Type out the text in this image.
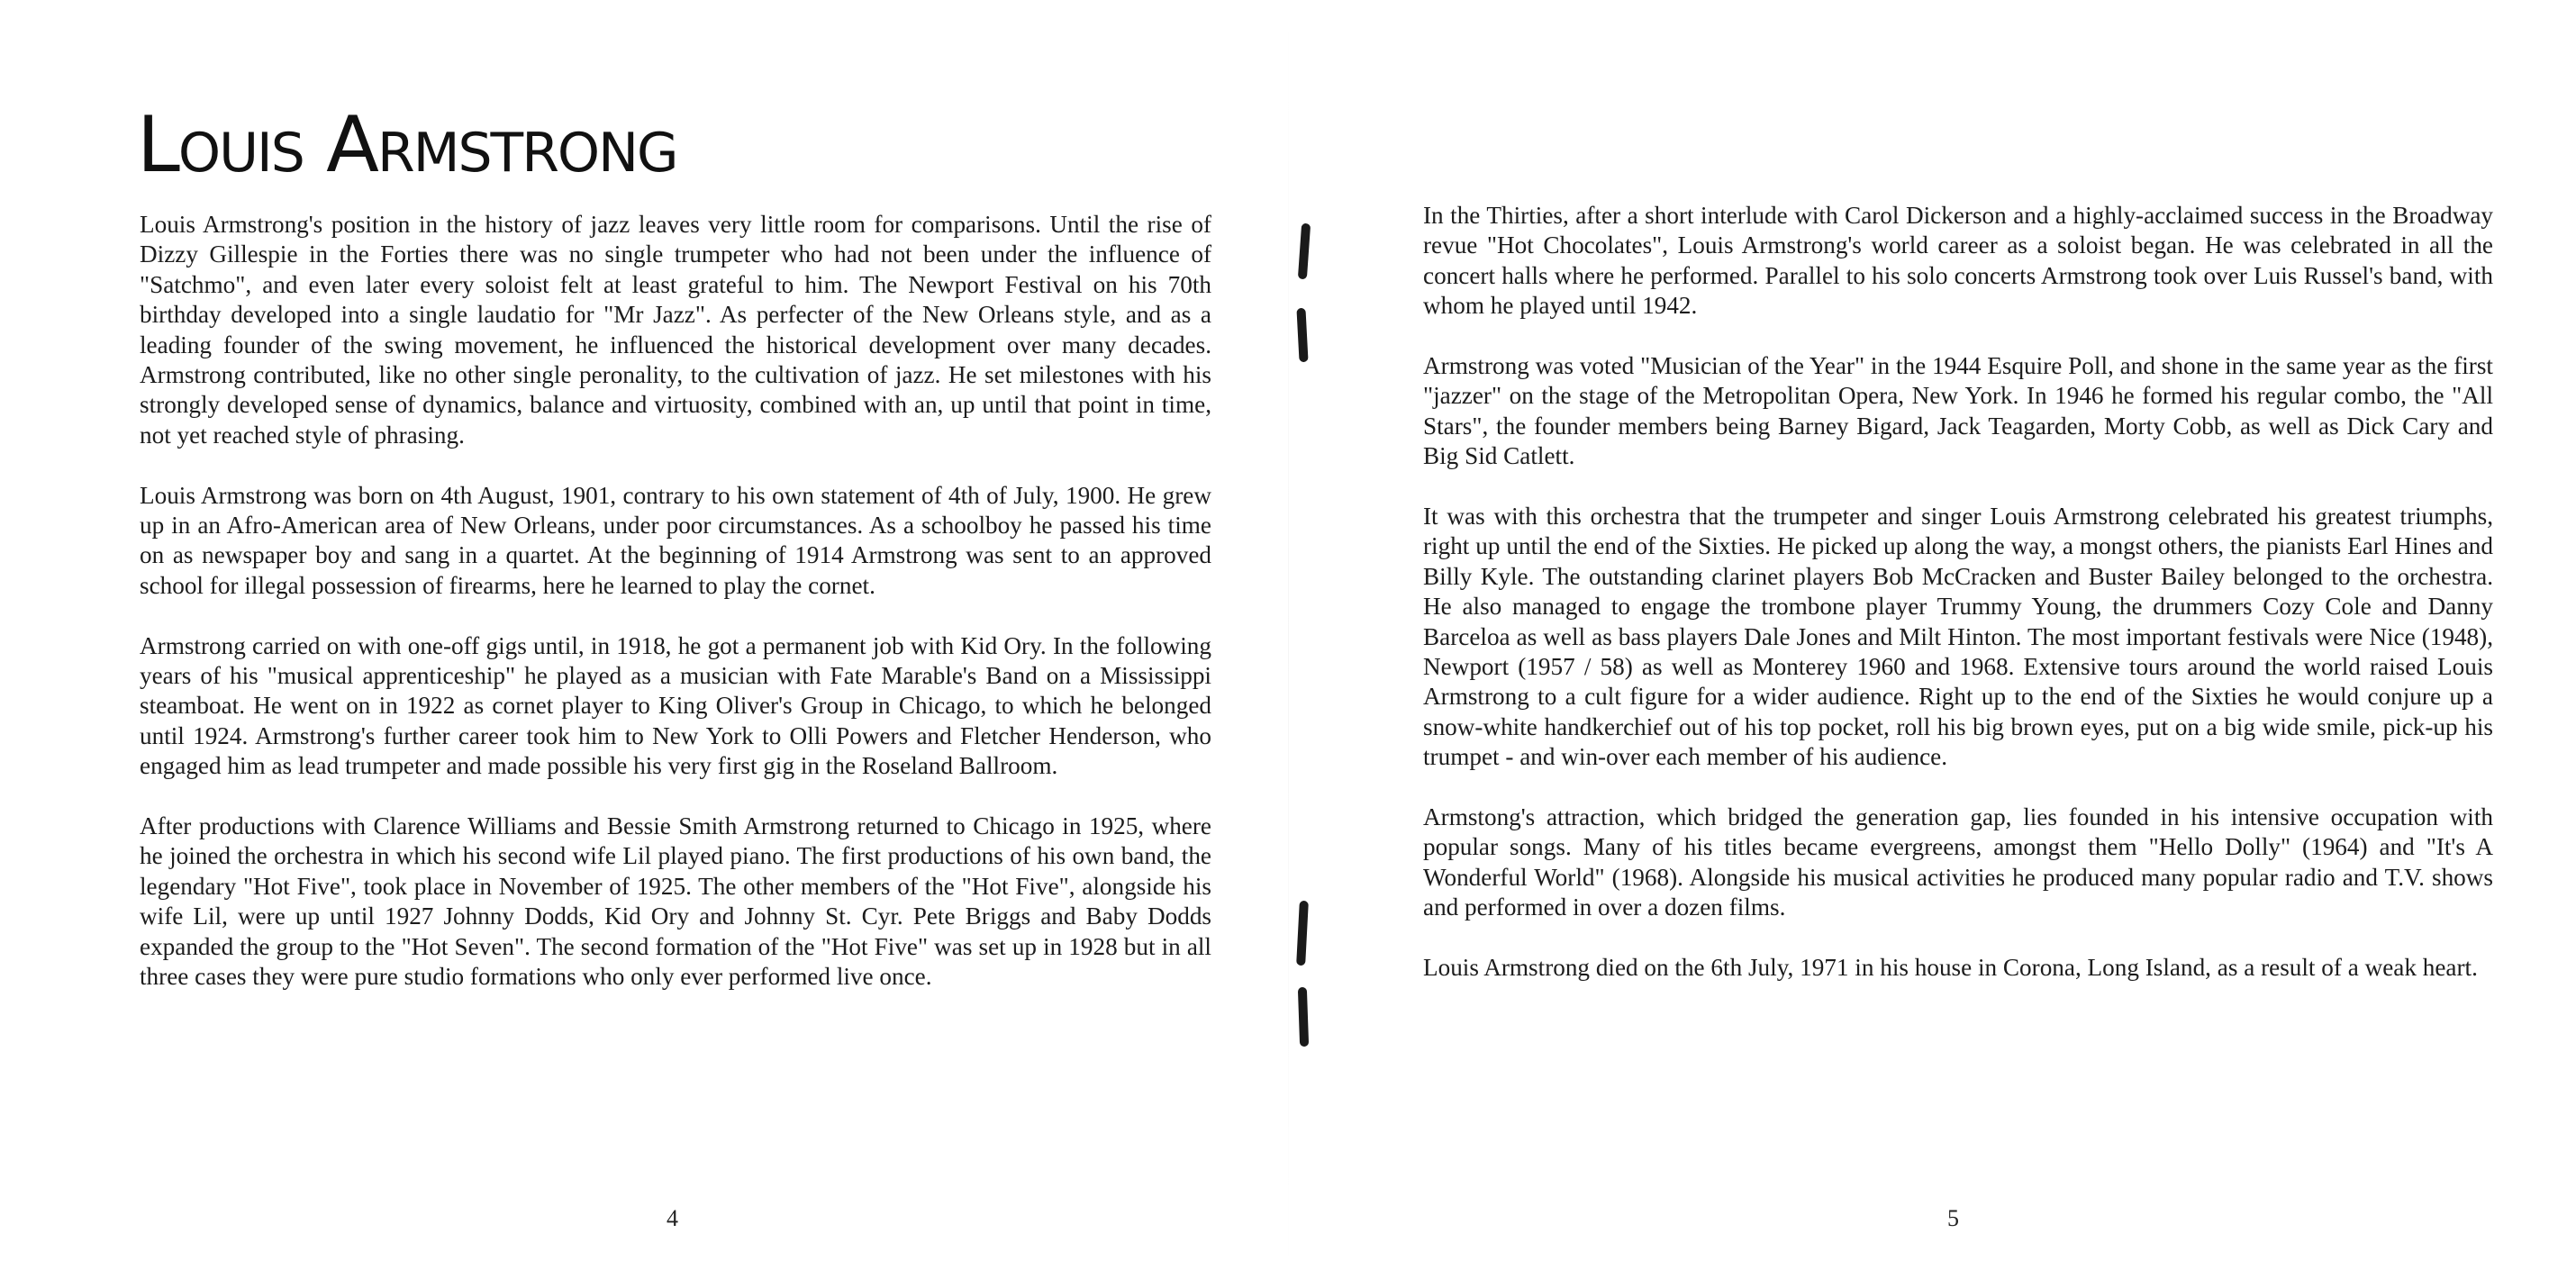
Louis Armstrong

Louis Armstrong's position in the history of jazz leaves very little room for comparisons. Until the rise of Dizzy Gillespie in the Forties there was no single trumpeter who had not been under the influence of "Satchmo", and even later every soloist felt at least grateful to him. The Newport Festival on his 70th birthday developed into a single laudatio for "Mr Jazz". As perfecter of the New Orleans style, and as a leading founder of the swing movement, he influenced the historical development over many decades. Armstrong contributed, like no other single peronality, to the cultivation of jazz. He set milestones with his strongly developed sense of dynamics, balance and virtuosity, combined with an, up until that point in time, not yet reached style of phrasing.

Louis Armstrong was born on 4th August, 1901, contrary to his own statement of 4th of July, 1900. He grew up in an Afro-American area of New Orleans, under poor circumstances. As a schoolboy he passed his time on as newspaper boy and sang in a quartet. At the beginning of 1914 Armstrong was sent to an approved school for illegal possession of firearms, here he learned to play the cornet.

Armstrong carried on with one-off gigs until, in 1918, he got a permanent job with Kid Ory. In the following years of his "musical apprenticeship" he played as a musician with Fate Marable's Band on a Mississippi steamboat. He went on in 1922 as cornet player to King Oliver's Group in Chicago, to which he belonged until 1924. Armstrong's further career took him to New York to Olli Powers and Fletcher Henderson, who engaged him as lead trumpeter and made possible his very first gig in the Roseland Ballroom.

After productions with Clarence Williams and Bessie Smith Armstrong returned to Chicago in 1925, where he joined the orchestra in which his second wife Lil played piano. The first productions of his own band, the legendary "Hot Five", took place in November of 1925. The other members of the "Hot Five", alongside his wife Lil, were up until 1927 Johnny Dodds, Kid Ory and Johnny St. Cyr. Pete Briggs and Baby Dodds expanded the group to the "Hot Seven". The second formation of the "Hot Five" was set up in 1928 but in all three cases they were pure studio formations who only ever performed live once.

4

In the Thirties, after a short interlude with Carol Dickerson and a highly-acclaimed success in the Broadway revue "Hot Chocolates", Louis Armstrong's world career as a soloist began. He was celebrated in all the concert halls where he performed. Parallel to his solo concerts Armstrong took over Luis Russel's band, with whom he played until 1942.

Armstrong was voted "Musician of the Year" in the 1944 Esquire Poll, and shone in the same year as the first "jazzer" on the stage of the Metropolitan Opera, New York. In 1946 he formed his regular combo, the "All Stars", the founder members being Barney Bigard, Jack Teagarden, Morty Cobb, as well as Dick Cary and Big Sid Catlett.

It was with this orchestra that the trumpeter and singer Louis Armstrong celebrated his greatest triumphs, right up until the end of the Sixties. He picked up along the way, a mongst others, the pianists Earl Hines and Billy Kyle. The outstanding clarinet players Bob McCracken and Buster Bailey belonged to the orchestra. He also managed to engage the trombone player Trummy Young, the drummers Cozy Cole and Danny Barceloa as well as bass players Dale Jones and Milt Hinton. The most important festivals were Nice (1948), Newport (1957 / 58) as well as Monterey 1960 and 1968. Extensive tours around the world raised Louis Armstrong to a cult figure for a wider audience. Right up to the end of the Sixties he would conjure up a snow-white handkerchief out of his top pocket, roll his big brown eyes, put on a big wide smile, pick-up his trumpet - and win-over each member of his audience.

Armstong's attraction, which bridged the generation gap, lies founded in his intensive occupation with popular songs. Many of his titles became evergreens, amongst them "Hello Dolly" (1964) and "It's A Wonderful World" (1968). Alongside his musical activities he produced many popular radio and T.V. shows and performed in over a dozen films.

Louis Armstrong died on the 6th July, 1971 in his house in Corona, Long Island, as a result of a weak heart.

5
